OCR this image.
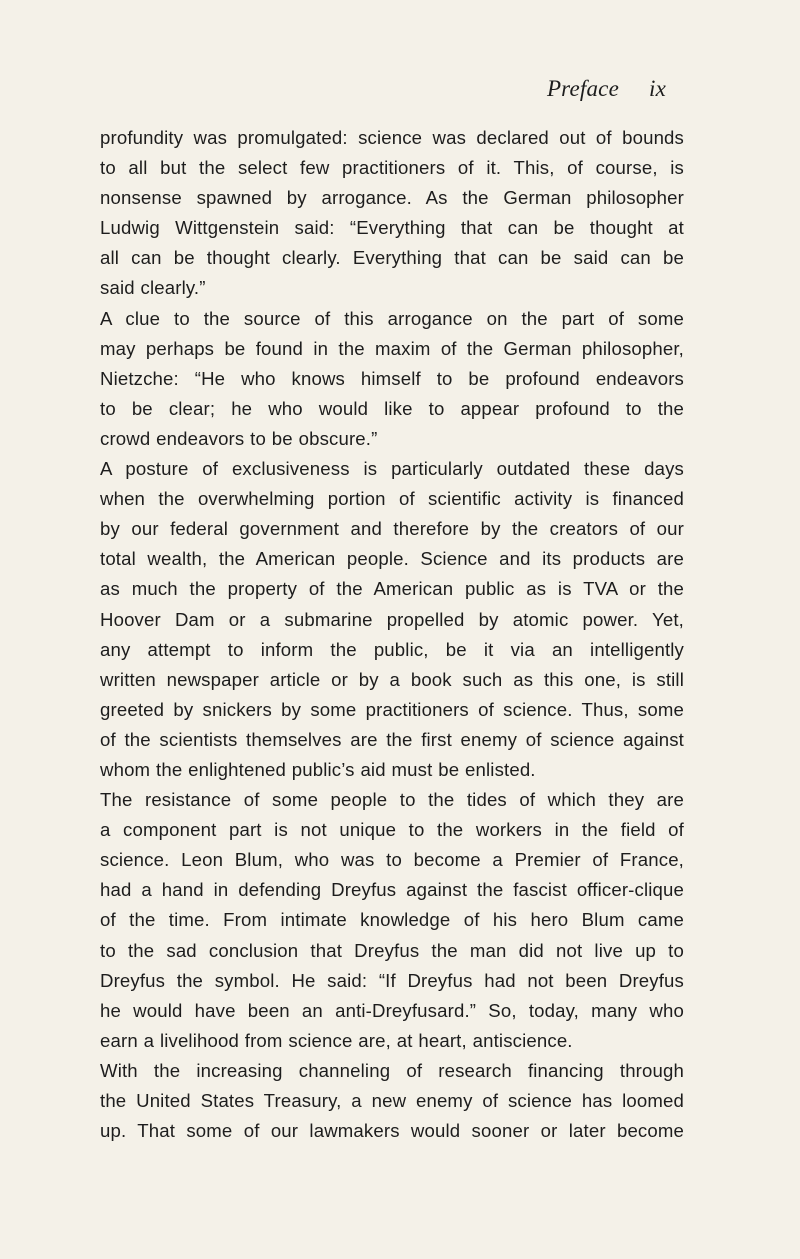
Preface ix
profundity was promulgated: science was declared out of bounds
to all but the select few practitioners of it. This, of course, is
nonsense spawned by arrogance. As the German philosopher
Ludwig Wittgenstein said: “Everything that can be thought at
all can be thought clearly. Everything that can be said can be
said clearly.”
A clue to the source of this arrogance on the part of some
may perhaps be found in the maxim of the German philosopher,
Nietzche: “He who knows himself to be profound endeavors
to be clear; he who would like to appear profound to the
crowd endeavors to be obscure.”
A posture of exclusiveness is particularly outdated these days
when the overwhelming portion of scientific activity is financed
by our federal government and therefore by the creators of our
total wealth, the American people. Science and its products are
as much the property of the American public as is TVA or the
Hoover Dam or a submarine propelled by atomic power. Yet,
any attempt to inform the public, be it via an intelligently
written newspaper article or by a book such as this one, is still
greeted by snickers by some practitioners of science. Thus, some
of the scientists themselves are the first enemy of science against
whom the enlightened public’s aid must be enlisted.
The resistance of some people to the tides of which they are
a component part is not unique to the workers in the field of
science. Leon Blum, who was to become a Premier of France,
had a hand in defending Dreyfus against the fascist officer-clique
of the time. From intimate knowledge of his hero Blum came
to the sad conclusion that Dreyfus the man did not live up to
Dreyfus the symbol. He said: “If Dreyfus had not been Dreyfus
he would have been an anti-Dreyfusard.” So, today, many who
earn a livelihood from science are, at heart, antiscience.
With the increasing channeling of research financing through
the United States Treasury, a new enemy of science has loomed
up. That some of our lawmakers would sooner or later become
